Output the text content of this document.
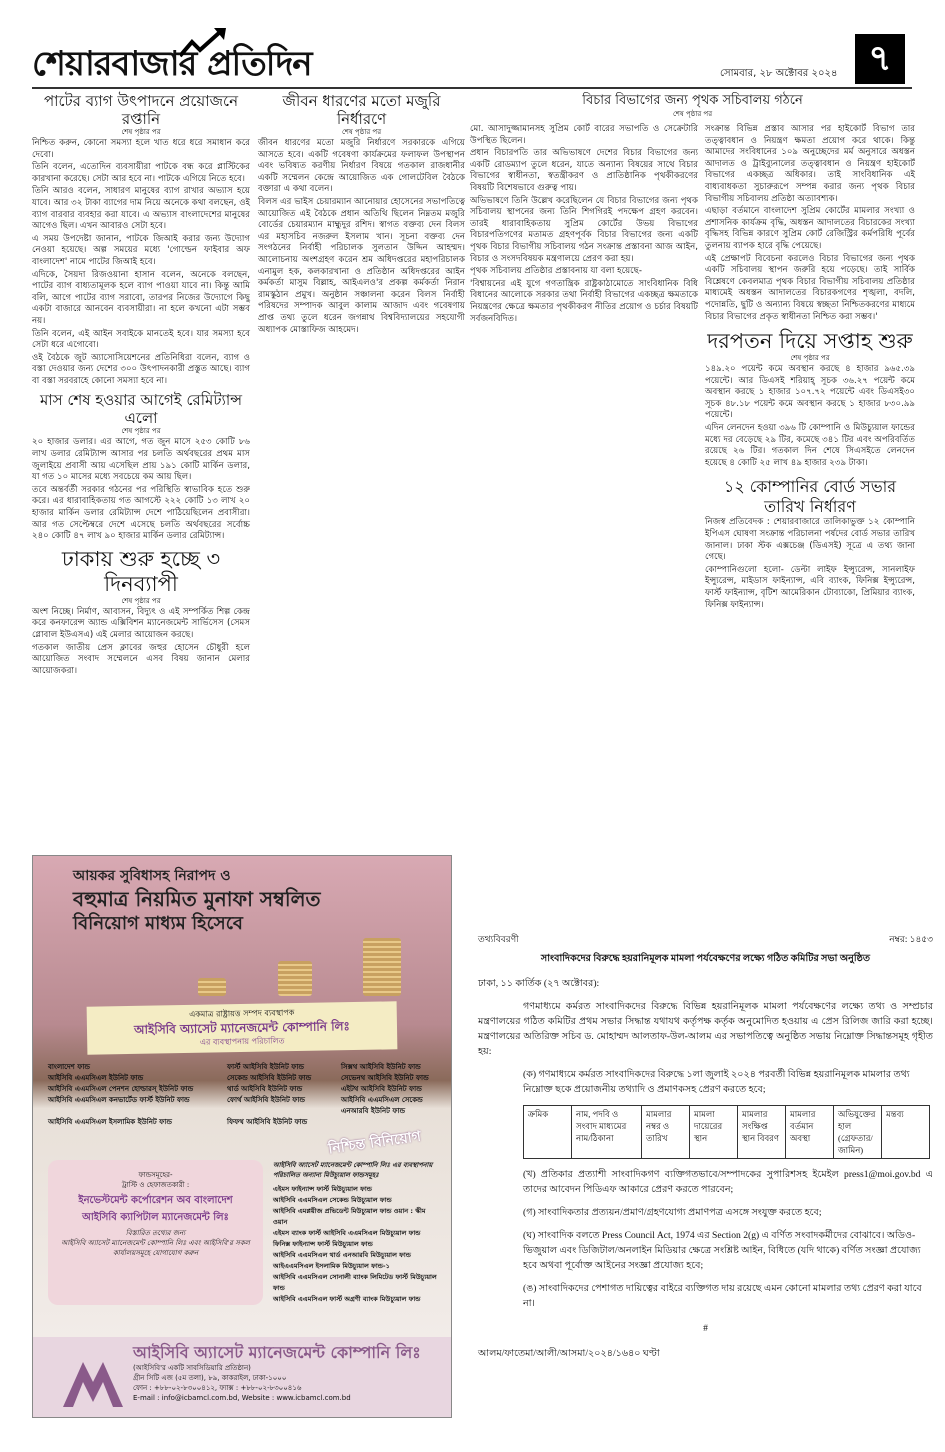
শেয়ারবাজার প্রতিদিন	সোমবার, ২৮ অক্টোবর ২০২৪ ৭
পাটের ব্যাগ উৎপাদনে প্রয়োজনে রপ্তানি
শেষ পৃষ্ঠার পর

নিশ্চিত করুন, কোনো সমস্যা হলে খাত ধরে ধরে সমাধান করে দেবো।

তিনি বলেন, এতোদিন ব্যবসায়ীরা পাটকে বন্ধ করে প্লাস্টিকের কারখানা করেছে। সেটা আর হবে না। পাটকে এগিয়ে নিতে হবে।

তিনি আরও বলেন, সাধারণ মানুষের ব্যাগ রাখার অভ্যাস হয়ে যাবে। আর ৩২ টাকা ব্যাগের দাম নিয়ে অনেকে কথা বলছেন, ওই ব্যাগ বারবার ব্যবহার করা যাবে। এ অভ্যাস বাংলাদেশের মানুষের আগেও ছিল। এখন আবারও সেটা হবে।

এ সময় উপদেষ্টা জানান, পাটকে জিআই করার জন্য উদ্যোগ নেওয়া হয়েছে। অল্প সময়ের মধ্যে 'গোল্ডেন ফাইবার অফ বাংলাদেশ' নামে পাটের জিআই হবে।

এদিকে, সৈয়দা রিজওয়ানা হাসান বলেন, অনেকে বলছেন, পাটের ব্যাগ বাধ্যতামূলক হলে ব্যাগ পাওয়া যাবে না। কিন্তু আমি বলি, আগে পাটের ব্যাগ সরাবো, তারপর নিজের উদ্যোগে কিছু একটা বাজারে আনবেন ব্যবসায়ীরা। না হলে কখনো এটা সম্ভব নয়।

তিনি বলেন, এই আইন সবাইকে মানতেই হবে। যার সমস্যা হবে সেটা ধরে এগোবো।

ওই বৈঠকে জুট অ্যাসোসিয়েশনের প্রতিনিধিরা বলেন, ব্যাগ ও বস্তা দেওয়ার জন্য দেশের ৩০০ উৎপাদনকারী প্রস্তুত আছে। ব্যাগ বা বস্তা সরবরাহে কোনো সমস্যা হবে না।

মাস শেষ হওয়ার আগেই রেমিট্যান্স এলো
শেষ পৃষ্ঠার পর

২০ হাজার ডলার। এর আগে, গত জুন মাসে ২৫৩ কোটি ৮৬ লাখ ডলার রেমিট্যান্স আসার পর চলতি অর্থবছরের প্রথম মাস জুলাইয়ে প্রবাসী আয় এসেছিল প্রায় ১৯১ কোটি মার্কিন ডলার, যা গত ১০ মাসের মধ্যে সবচেয়ে কম আয় ছিল।

তবে অন্তর্বর্তী সরকার গঠনের পর পরিস্থিতি স্বাভাবিক হতে শুরু করে। এর ধারাবাহিকতায় গত আগস্টে ২২২ কোটি ১৩ লাখ ২০ হাজার মার্কিন ডলার রেমিট্যান্স দেশে পাঠিয়েছিলেন প্রবাসীরা। আর গত সেপ্টেম্বরে দেশে এসেছে চলতি অর্থবছরের সর্বোচ্চ ২৪০ কোটি ৪৭ লাখ ৯০ হাজার মার্কিন ডলার রেমিট্যান্স।

ঢাকায় শুরু হচ্ছে ৩ দিনব্যাপী
শেষ পৃষ্ঠার পর

অংশ নিচ্ছে। নির্মাণ, আবাসন, বিদ্যুৎ ও এই সম্পর্কিত শিল্প কেন্দ্র করে কনফারেন্স অ্যান্ড এক্সিবিশন ম্যানেজমেন্ট সার্ভিসেস (সেমস গ্লোবাল ইউএসএ) এই মেলার আয়োজন করছে।

গতকাল জাতীয় প্রেস ক্লাবের জহুর হোসেন চৌধুরী হলে আয়োজিত সংবাদ সম্মেলনে এসব বিষয় জানান মেলার আয়োজকরা।

জীবন ধারণের মতো মজুরি নির্ধারণে
শেষ পৃষ্ঠার পর

জীবন ধারণের মতো মজুরি নির্ধারণে সরকারকে এগিয়ে আসতে হবে। একটি গবেষণা কার্যক্রমের ফলাফল উপস্থাপন এবং ভবিষ্যত করণীয় নির্ধারণ বিষয়ে গতকাল রাজধানীর একটি সম্মেলন কেন্দ্রে আয়োজিত এক গোলটেবিল বৈঠকে বক্তারা এ কথা বলেন।

বিলস এর ভাইস চেয়ারম্যান আনোয়ার হোসেনের সভাপতিত্বে আয়োজিত এই বৈঠকে প্রধান অতিথি ছিলেন নিম্নতম মজুরি বোর্ডের চেয়ারম্যান মাহ্মুদুর রশিদ। স্বাগত বক্তব্য দেন বিলস এর মহাসচিব নজরুল ইসলাম খান। সূচনা বক্তব্য দেন সংগঠনের নির্বাহী পরিচালক সুলতান উদ্দিন আহম্মদ। আলোচনায় অংশগ্রহণ করেন শ্রম অধিদপ্তরের মহাপরিচালক এনামুল হক, কলকারখানা ও প্রতিষ্ঠান অধিদপ্তরের আইন কর্মকর্তা মাসুম বিল্লাহ, আইএলও'র প্রকল্প কর্মকর্তা নিরান রামস্কুঠান প্রমুখ। অনুষ্ঠান সঞ্চালনা করেন বিলস নির্বাহী পরিষদের সম্পাদক আবুল কালাম আজাদ এবং গবেষণায় প্রাপ্ত তথ্য তুলে ধরেন জগন্নাথ বিশ্ববিদ্যালয়ের সহযোগী অধ্যাপক মোস্তাফিজ আহমেদ।

বিচার বিভাগের জন্য পৃথক সচিবালয় গঠনে
শেষ পৃষ্ঠার পর

মো. আসাদুজ্জামানসহ সুপ্রিম কোর্ট বারের সভাপতি ও সেক্রেটারি উপস্থিত ছিলেন।

প্রধান বিচারপতি তার অভিভাষণে দেশের বিচার বিভাগের জন্য একটি রোডম্যাপ তুলে ধরেন, যাতে অন্যান্য বিষয়ের সাথে বিচার বিভাগের স্বাধীনতা, স্বতন্ত্রীকরণ ও প্রাতিষ্ঠানিক পৃথকীকরণের বিষয়টি বিশেষভাবে গুরুত্ব পায়।

অভিভাষণে তিনি উল্লেখ করেছিলেন যে বিচার বিভাগের জন্য পৃথক সচিবালয় স্থাপনের জন্য তিনি শিগগিরই পদক্ষেপ গ্রহণ করবেন। তারই ধারাবাহিকতায় সুপ্রিম কোর্টের উভয় বিভাগের বিচারপতিগণের মতামত গ্রহণপূর্বক বিচার বিভাগের জন্য একটি পৃথক বিচার বিভাগীয় সচিবালয় গঠন সংক্রান্ত প্রস্তাবনা আজ আইন, বিচার ও সংসদবিষয়ক মন্ত্রণালয়ে প্রেরণ করা হয়।

পৃথক সচিবালয় প্রতিষ্ঠার প্রস্তাবনায় যা বলা হয়েছে-

'বিশ্বায়নের এই যুগে গণতান্ত্রিক রাষ্ট্রকাঠামোতে সাংবিধানিক বিধি বিধানের আলোকে সরকার তথা নির্বাহী বিভাগের একচ্ছত্র ক্ষমতাকে নিয়ন্ত্রণের ক্ষেত্রে ক্ষমতার পৃথকীকরণ নীতির প্রয়োগ ও চর্চার বিষয়টি সর্বজনবিদিত।

সংক্রান্ত বিভিন্ন প্রস্তাব আসার পর হাইকোর্ট বিভাগ তার তত্ত্বাবধান ও নিয়ন্ত্রণ ক্ষমতা প্রয়োগ করে থাকে। কিন্তু আমাদের সংবিধানের ১০৯ অনুচ্ছেদের মর্ম অনুসারে অধস্তন আদালত ও ট্রাইব্যুনালের তত্ত্বাবধান ও নিয়ন্ত্রণ হাইকোর্ট বিভাগের একচ্ছত্র অধিকার। তাই সাংবিধানিক এই বাধ্যবাধকতা সুচারুরূপে সম্পন্ন করার জন্য পৃথক বিচার বিভাগীয় সচিবালয় প্রতিষ্ঠা অত্যাবশ্যক।

এছাড়া বর্তমানে বাংলাদেশ সুপ্রিম কোর্টের মামলার সংখ্যা ও প্রশাসনিক কার্যক্রম বৃদ্ধি, অধস্তন আদালতের বিচারকের সংখ্যা বৃদ্ধিসহ বিভিন্ন কারণে সুপ্রিম কোর্ট রেজিস্ট্রির কর্মপরিধি পূর্বের তুলনায় ব্যাপক হারে বৃদ্ধি পেয়েছে।

এই প্রেক্ষাপট বিবেচনা করলেও বিচার বিভাগের জন্য পৃথক একটি সচিবালয় স্থাপন জরুরি হয়ে পড়েছে। তাই সার্বিক বিশ্লেষণে কেবলমাত্র পৃথক বিচার বিভাগীয় সচিবালয় প্রতিষ্ঠার মাধ্যমেই অধস্তন আদালতের বিচারকগণের শৃঙ্খলা, বদলি, পদোন্নতি, ছুটি ও অন্যান্য বিষয়ে স্বচ্ছতা নিশ্চিতকরণের মাধ্যমে বিচার বিভাগের প্রকৃত স্বাধীনতা নিশ্চিত করা সম্ভব।'

দরপতন দিয়ে সপ্তাহ শুরু
শেষ পৃষ্ঠার পর

১৪৯.২০ পয়েন্ট কমে অবস্থান করছে ৪ হাজার ৯৬৫.৩৯ পয়েন্টে। আর ডিএসই শরিয়াহ্ সূচক ৩৬.২৭ পয়েন্ট কমে অবস্থান করছে ১ হাজার ১০৭.৭২ পয়েন্টে এবং ডিএসই৩০ সূচক ৪৮.১৮ পয়েন্ট কমে অবস্থান করছে ১ হাজার ৮৩০.৯৯ পয়েন্টে।

এদিন লেনদেন হওয়া ৩৯৬ টি কোম্পানি ও মিউচ্যুয়াল ফান্ডের মধ্যে দর বেড়েছে ২৯ টির, কমেছে ৩৪১ টির এবং অপরিবর্তিত রয়েছে ২৬ টির। গতকাল দিন শেষে সিএসইতে লেনদেন হয়েছে ৪ কোটি ২৫ লাখ ৪৯ হাজার ২৩৯ টাকা।

১২ কোম্পানির বোর্ড সভার তারিখ নির্ধারণ

নিজস্ব প্রতিবেদক : শেয়ারবাজারে তালিকাভুক্ত ১২ কোম্পানি ইপিএস ঘোষণা সংক্রান্ত পরিচালনা পর্ষদের বোর্ড সভার তারিখ জানাল। ঢাকা স্টক এক্সচেঞ্জ (ডিএসই) সূত্রে এ তথ্য জানা গেছে।

কোম্পানিগুলো হলো- ডেল্টা লাইফ ইন্স্যুরেন্স, সানলাইফ ইন্স্যুরেন্স, মাইডাস ফাইন্যান্স, এবি ব্যাংক, ফিনিক্স ইন্স্যুরেন্স, ফার্স্ট ফাইন্যান্স, বৃটিশ আমেরিকান টোব্যাকো, প্রিমিয়ার ব্যাংক, ফিনিক্স ফাইন্যান্স।

আয়কর সুবিধাসহ নিরাপদ ও
বহুমাত্র নিয়মিত মুনাফা সম্বলিত
বিনিয়োগ মাধ্যম হিসেবে
একমাত্র রাষ্ট্রায়ত্ত সম্পদ ব্যবস্থাপক
আইসিবি অ্যাসেট ম্যানেজমেন্ট কোম্পানি লিঃ
এর ব্যবস্থাপনায় পরিচালিত
বাংলাদেশ ফান্ড	ফার্স্ট আইসিবি ইউনিট ফান্ড	সিক্সথ আইসিবি ইউনিট ফান্ড
আইসিবি এএমসিএল ইউনিট ফান্ড	সেকেন্ড আইসিবি ইউনিট ফান্ড	সেভেনথ আইসিবি ইউনিট ফান্ড
আইসিবি এএমসিএল পেনশন হোল্ডারস্ ইউনিট ফান্ড	থার্ড আইসিবি ইউনিট ফান্ড	এইটথ আইসিবি ইউনিট ফান্ড
আইসিবি এএমসিএল কনভার্টেড ফার্স্ট ইউনিট ফান্ড	ফোর্থ আইসিবি ইউনিট ফান্ড	আইসিবি এএমসিএল সেকেন্ড এনআরবি ইউনিট ফান্ড
আইসিবি এএমসিএল ইসলামিক ইউনিট ফান্ড	ফিফথ আইসিবি ইউনিট ফান্ড
নিশ্চিন্ত বিনিয়োগ
ফান্ডসমূহের-
ট্রাস্টি ও হেফাজতকারী :
ইনভেস্টমেন্ট কর্পোরেশন অব বাংলাদেশ
আইসিবি ক্যাপিটাল ম্যানেজমেন্ট লিঃ
বিস্তারিত তথ্যের জন্য
আইসিবি অ্যাসেট ম্যানেজমেন্ট কোম্পানি লিঃ এবং আইসিবি'র সকল কার্যালয়সমূহে যোগাযোগ করুন
আইসিবি অ্যাসেট ম্যানেজমেন্ট কোম্পানি লিঃ এর ব্যবস্থাপনায় পরিচালিত অন্যান্য মিউচ্যুয়াল ফান্ডসমূহঃ
এইমস ফাইন্যান্স ফার্স্ট মিউচ্যুয়াল ফান্ড
আইসিবি এএমসিএল সেকেন্ড মিউচ্যুয়াল ফান্ড
আইসিবি এমপ্লয়ীজ প্রভিডেন্ট মিউচ্যুয়াল ফান্ড ওয়ান : স্কীম ওয়ান
এইমস ব্যাংক ফার্স্ট আইসিবি এএমসিএল মিউচ্যুয়াল ফান্ড
ফিনিক্স ফাইন্যান্স ফার্স্ট মিউচ্যুয়াল ফান্ড
আইসিবি এএমসিএল থার্ড এনআরবি মিউচ্যুয়াল ফান্ড
আইএএমসিএল ইসলামিক মিউচ্যুয়াল ফান্ড-১
আইসিবি এএমসিএল সোনালী ব্যাংক লিমিটেড ফার্স্ট মিউচ্যুয়াল ফান্ড
আইসিবি এএমসিএল ফার্স্ট অগ্রণী ব্যাংক মিউচ্যুয়াল ফান্ড
আইসিবি অ্যাসেট ম্যানেজমেন্ট কোম্পানি লিঃ
(আইসিবি'র একটি সাবসিডিয়ারি প্রতিষ্ঠান)
গ্রীন সিটি এজ (৫ম তলা), ৮৯, কাকরাইল, ঢাকা-১০০০
ফোন : +৮৮-০২-৮৩০০৪১২, ফ্যাক্স : +৮৮-০২-৮৩০০৪১৬
E-mail : info@icbamcl.com.bd, Website : www.icbamcl.com.bd
তথ্যবিবরণী	নম্বর: ১৪৫৩
সাংবাদিকদের বিরুদ্ধে হয়রানিমূলক মামলা পর্যবেক্ষণের লক্ষ্যে গঠিত কমিটির সভা অনুষ্ঠিত
ঢাকা, ১১ কার্তিক (২৭ অক্টোবর):
গণমাধ্যমে কর্মরত সাংবাদিকদের বিরুদ্ধে বিভিন্ন হয়রানিমূলক মামলা পর্যবেক্ষণের লক্ষ্যে তথ্য ও সম্প্রচার মন্ত্রণালয়ের গঠিত কমিটির প্রথম সভার সিদ্ধান্ত যথাযথ কর্তৃপক্ষ কর্তৃক অনুমোদিত হওয়ায় এ প্রেস রিলিজ জারি করা হচ্ছে। মন্ত্রণালয়ের অতিরিক্ত সচিব ড. মোহাম্মদ আলতাফ-উল-আলম এর সভাপতিত্বে অনুষ্ঠিত সভায় নিম্নোক্ত সিদ্ধান্তসমূহ গৃহীত হয়:
(ক) গণমাধ্যমে কর্মরত সাংবাদিকদের বিরুদ্ধে ১লা জুলাই ২০২৪ পরবর্তী বিভিন্ন হয়রানিমূলক মামলার তথ্য নিম্নোক্ত ছকে প্রয়োজনীয় তথ্যাদি ও প্রমাণকসহ প্রেরণ করতে হবে;
ক্রমিক	নাম, পদবি ও সংবাদ মাধ্যমের নাম/ঠিকানা	মামলার নম্বর ও তারিখ	মামলা দায়েরের স্থান	মামলার সংক্ষিপ্ত স্থান বিবরণ	মামলার বর্তমান অবস্থা	অভিযুক্তের হাল (গ্রেফতার/ জামিন)	মন্তব্য
(খ) প্রতিকার প্রত্যাশী সাংবাদিকগণ ব্যক্তিগতভাবে/সম্পাদকের সুপারিশসহ ইমেইল press1@moi.gov.bd এ তাদের আবেদন পিডিএফ আকারে প্রেরণ করতে পারবেন;
(গ) সাংবাদিকতার প্রত্যয়ন/প্রমাণ/গ্রহণযোগ্য প্রমাণপত্র এসঙ্গে সংযুক্ত করতে হবে;
(ঘ) সাংবাদিক বলতে Press Council Act, 1974 এর Section 2(g) এ বর্ণিত সংবাদকর্মীদের বোঝাবে। অডিও-ভিজুয়াল এবং ডিজিটাল/অনলাইন মিডিয়ার ক্ষেত্রে সংশ্লিষ্ট আইন, বিধিতে (যদি থাকে) বর্ণিত সংজ্ঞা প্রযোজ্য হবে অথবা পূর্বোক্ত আইনের সংজ্ঞা প্রযোজ্য হবে;
(ঙ) সাংবাদিকদের পেশাগত দায়িত্বের বাইরে ব্যক্তিগত দায় রয়েছে এমন কোনো মামলার তথ্য প্রেরণ করা যাবে না।
#
আলম/ফাতেমা/আলী/আসমা/২০২৪/১৬৪০ ঘণ্টা
